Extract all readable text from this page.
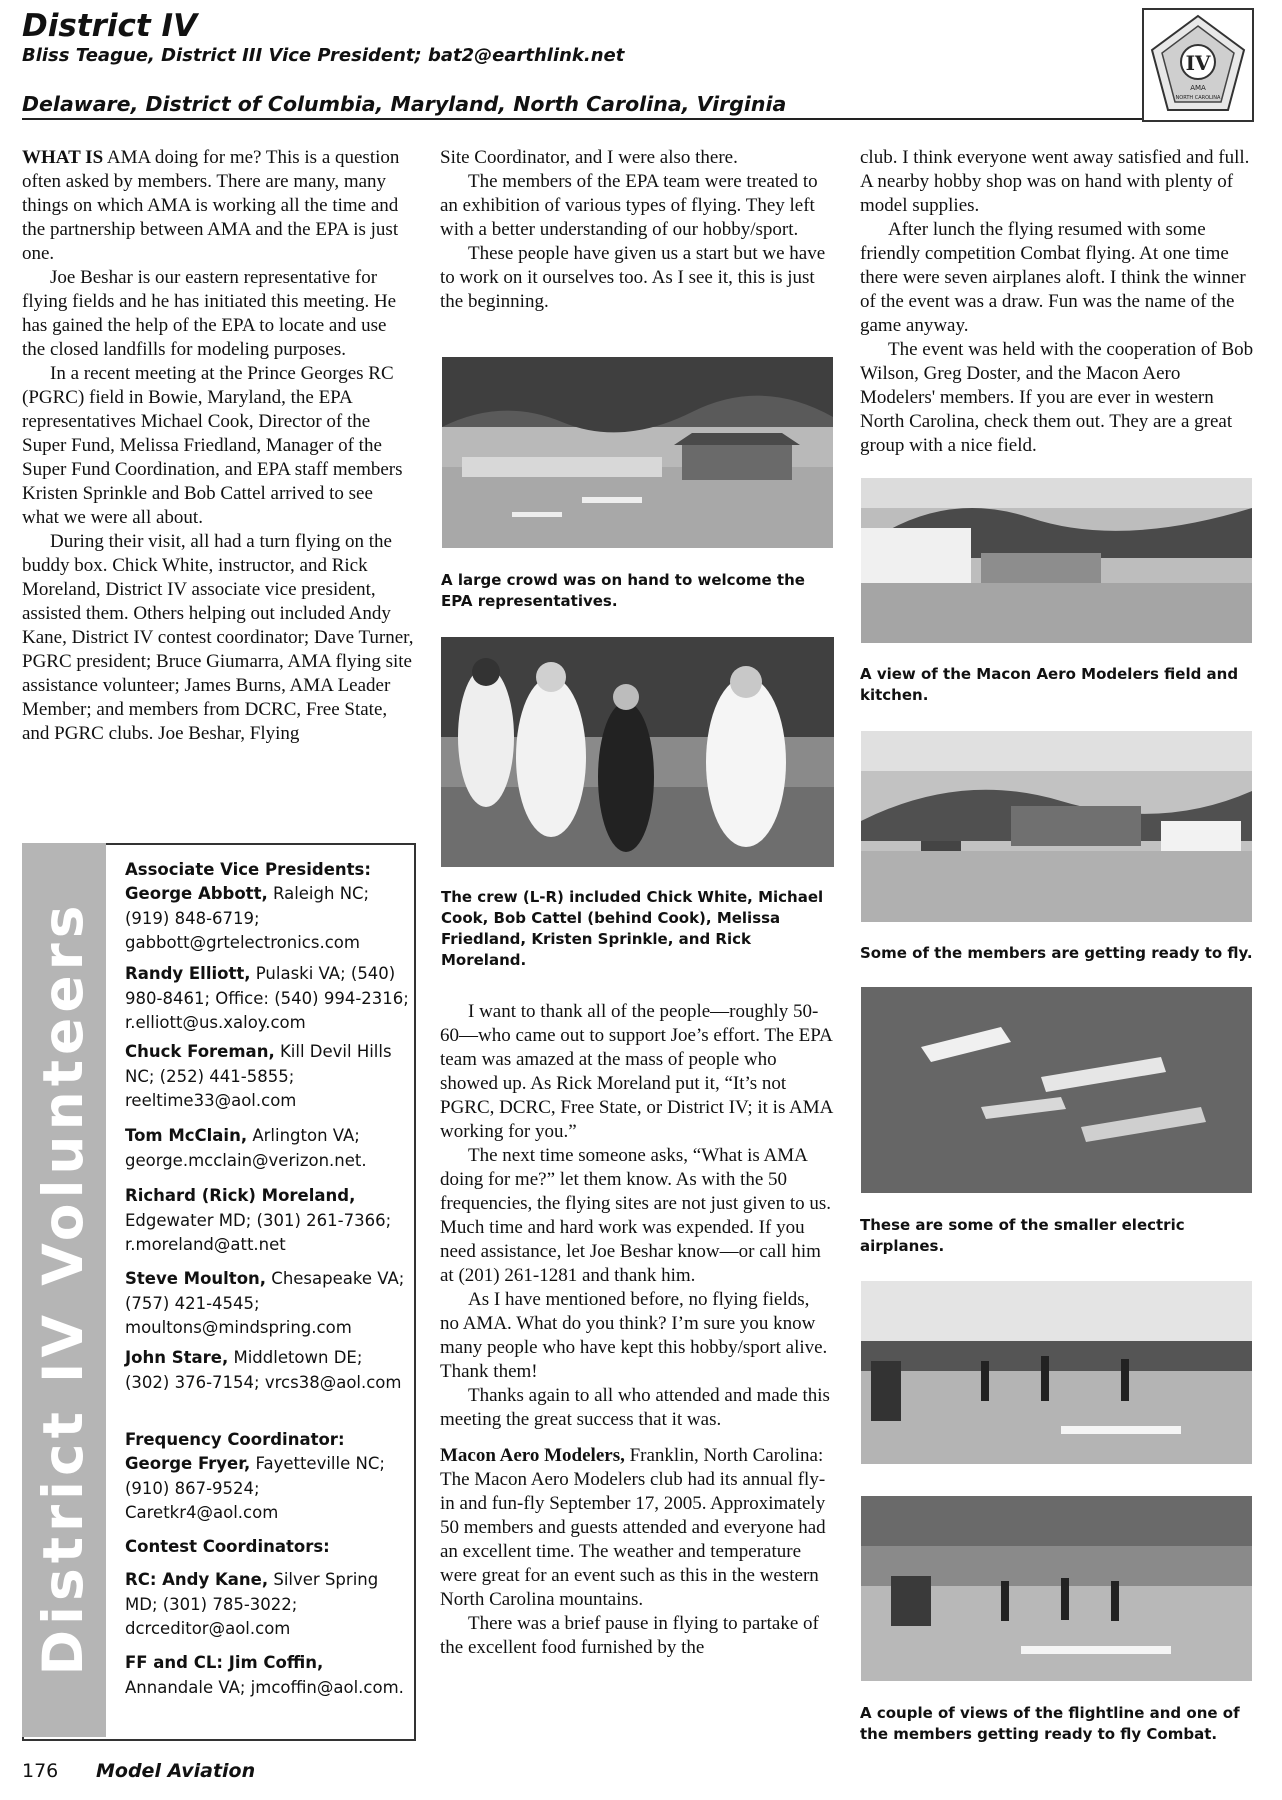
District IV
Bliss Teague, District III Vice President; bat2@earthlink.net
Delaware, District of Columbia, Maryland, North Carolina, Virginia
IV
AMA
NORTH CAROLINA

WHAT IS AMA doing for me? This is a question often asked by members. There are many, many things on which AMA is working all the time and the partnership between AMA and the EPA is just one.

Joe Beshar is our eastern representative for flying fields and he has initiated this meeting. He has gained the help of the EPA to locate and use the closed landfills for modeling purposes.

In a recent meeting at the Prince Georges RC (PGRC) field in Bowie, Maryland, the EPA representatives Michael Cook, Director of the Super Fund, Melissa Friedland, Manager of the Super Fund Coordination, and EPA staff members Kristen Sprinkle and Bob Cattel arrived to see what we were all about.

During their visit, all had a turn flying on the buddy box. Chick White, instructor, and Rick Moreland, District IV associate vice president, assisted them. Others helping out included Andy Kane, District IV contest coordinator; Dave Turner, PGRC president; Bruce Giumarra, AMA flying site assistance volunteer; James Burns, AMA Leader Member; and members from DCRC, Free State, and PGRC clubs. Joe Beshar, Flying

District IV Volunteers
Associate Vice Presidents:
George Abbott, Raleigh NC; (919) 848-6719; gabbott@grtelectronics.com
Randy Elliott, Pulaski VA; (540) 980-8461; Office: (540) 994-2316; r.elliott@us.xaloy.com
Chuck Foreman, Kill Devil Hills NC; (252) 441-5855; reeltime33@aol.com
Tom McClain, Arlington VA; george.mcclain@verizon.net.
Richard (Rick) Moreland, Edgewater MD; (301) 261-7366; r.moreland@att.net
Steve Moulton, Chesapeake VA; (757) 421-4545; moultons@mindspring.com
John Stare, Middletown DE; (302) 376-7154; vrcs38@aol.com
Frequency Coordinator:
George Fryer, Fayetteville NC; (910) 867-9524; Caretkr4@aol.com
Contest Coordinators:
RC: Andy Kane, Silver Spring MD; (301) 785-3022; dcrceditor@aol.com
FF and CL: Jim Coffin, Annandale VA; jmcoffin@aol.com.

Site Coordinator, and I were also there.

The members of the EPA team were treated to an exhibition of various types of flying. They left with a better understanding of our hobby/sport.

These people have given us a start but we have to work on it ourselves too. As I see it, this is just the beginning.

A large crowd was on hand to welcome the EPA representatives.
The crew (L-R) included Chick White, Michael Cook, Bob Cattel (behind Cook), Melissa Friedland, Kristen Sprinkle, and Rick Moreland.

I want to thank all of the people—roughly 50-60—who came out to support Joe’s effort. The EPA team was amazed at the mass of people who showed up. As Rick Moreland put it, “It’s not PGRC, DCRC, Free State, or District IV; it is AMA working for you.”

The next time someone asks, “What is AMA doing for me?” let them know. As with the 50 frequencies, the flying sites are not just given to us. Much time and hard work was expended. If you need assistance, let Joe Beshar know—or call him at (201) 261-1281 and thank him.

As I have mentioned before, no flying fields, no AMA. What do you think? I’m sure you know many people who have kept this hobby/sport alive. Thank them!

Thanks again to all who attended and made this meeting the great success that it was.

Macon Aero Modelers, Franklin, North Carolina: The Macon Aero Modelers club had its annual fly-in and fun-fly September 17, 2005. Approximately 50 members and guests attended and everyone had an excellent time. The weather and temperature were great for an event such as this in the western North Carolina mountains.

There was a brief pause in flying to partake of the excellent food furnished by the

club. I think everyone went away satisfied and full. A nearby hobby shop was on hand with plenty of model supplies.

After lunch the flying resumed with some friendly competition Combat flying. At one time there were seven airplanes aloft. I think the winner of the event was a draw. Fun was the name of the game anyway.

The event was held with the cooperation of Bob Wilson, Greg Doster, and the Macon Aero Modelers' members. If you are ever in western North Carolina, check them out. They are a great group with a nice field.

A view of the Macon Aero Modelers field and kitchen.
Some of the members are getting ready to fly.
These are some of the smaller electric airplanes.
A couple of views of the flightline and one of the members getting ready to fly Combat.
176 Model Aviation
